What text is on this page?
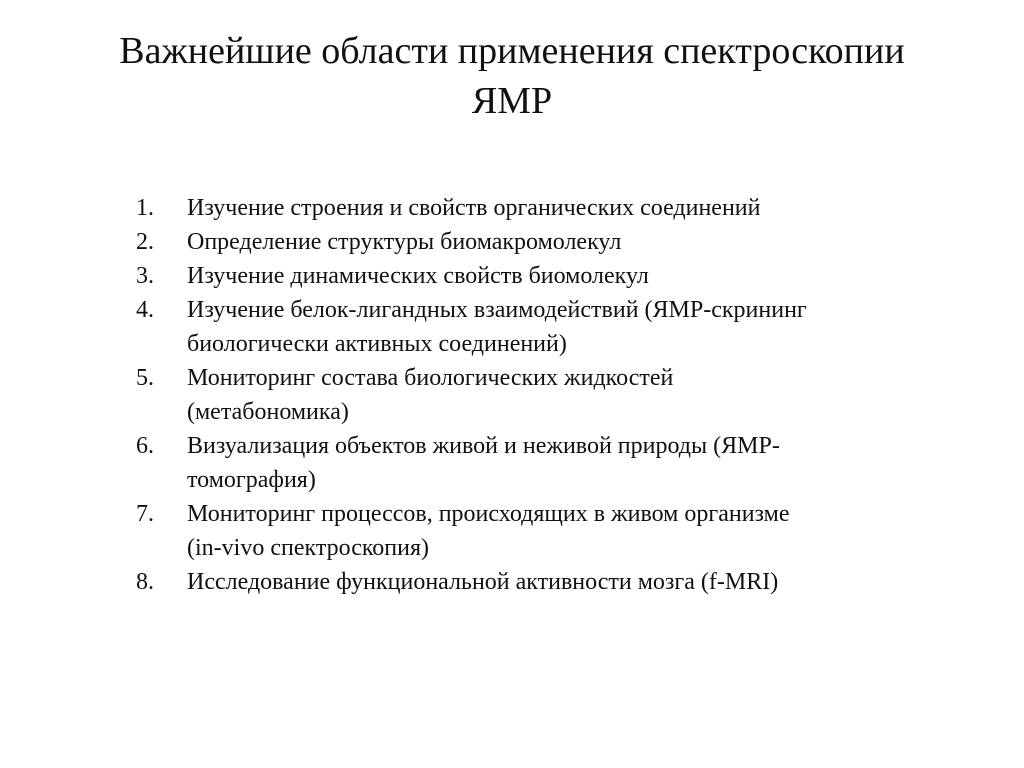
Важнейшие области применения спектроскопии
ЯМР
1. Изучение строения и свойств органических соединений
2. Определение структуры биомакромолекул
3. Изучение динамических свойств биомолекул
4. Изучение белок-лигандных взаимодействий (ЯМР-скрининг
биологически активных соединений)
5. Мониторинг состава биологических жидкостей
(метабономика)
6. Визуализация объектов живой и неживой природы (ЯМР-
томография)
7. Мониторинг процессов, происходящих в живом организме
(in-vivo спектроскопия)
8. Исследование функциональной активности мозга (f-MRI)
